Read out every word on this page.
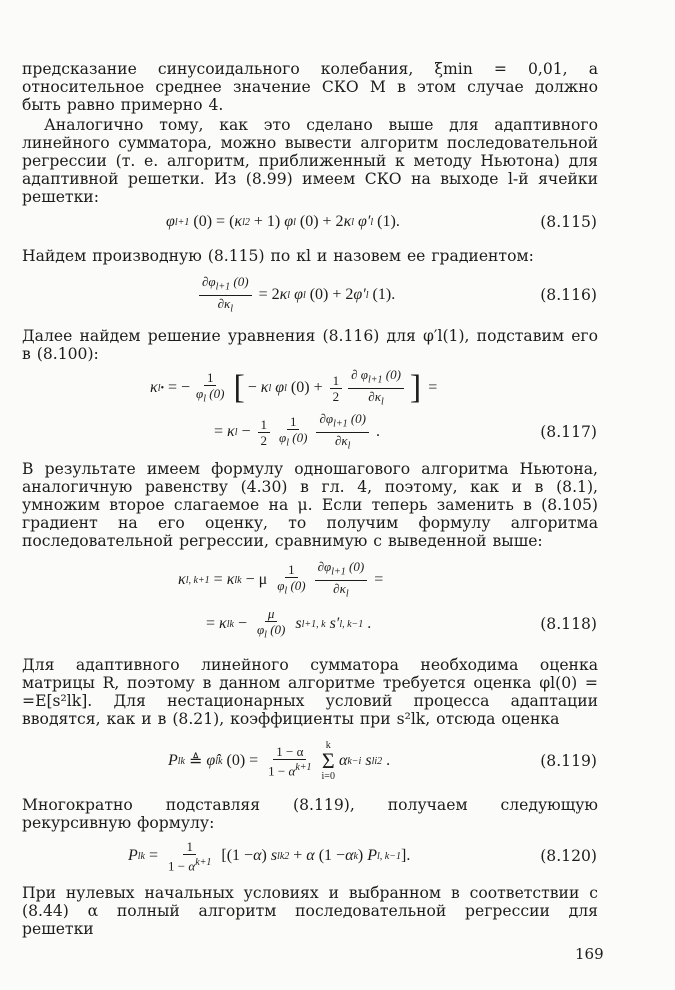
предсказание синусоидального колебания, ξmin = 0,01, а относительное среднее значение СКО M в этом случае должно быть равно примерно 4.
Аналогично тому, как это сделано выше для адаптивного линейного сумматора, можно вывести алгоритм последовательной регрессии (т. е. алгоритм, приближенный к методу Ньютона) для адаптивной решетки. Из (8.99) имеем СКО на выходе l-й ячейки решетки:
φ l+1 (0) = ( κ l 2 + 1) φ l (0) + 2 κ l φ′ l (1).	(8.115)
Найдем производную (8.115) по κl и назовем ее градиентом:
$\frac{\partial\varphi_{l+1} (0)}{\partial\kappa_l} = 2$ κ l φ l (0) + 2 φ′ l (1).	(8.116)
Далее найдем решение уравнения (8.116) для φ′l(1), подставим его в (8.100):
κ l • = − $\frac{1}{\varphi_l (0)}$ [ − κ l φ l $(0) + \frac{1}{2}$ ∂ $\varphi_{l+1}$ (0)
$\partial\kappa_l$ ] =
= κ $l - \frac{1}{2} 1$
$\varphi_l$ (0)
$\partial\varphi_{l+1}$ (0)
$\partial\kappa_l$
.	(8.117)
В результате имеем формулу одношагового алгоритма Ньютона, аналогичную равенству (4.30) в гл. 4, поэтому, как и в (8.1), умножим второе слагаемое на μ. Если теперь заменить в (8.105) градиент на его оценку, то получим формулу алгоритма последовательной регрессии, сравнимую с выведенной выше:
κ l, k+1 = κ lk − μ
1
$\varphi_l$ $(0) \frac{\partial\varphi_{l+1} (0)}{\partial\kappa_l}$ =
= κ lk − $\frac{\mu}{\varphi_l (0)}$ s l+1, k s′ l, k−1 .	(8.118)
Для адаптивного линейного сумматора необходима оценка матрицы R, поэтому в данном алгоритме требуется оценка φl(0) = =E[s²lk]. Для нестационарных условий процесса адаптации вводятся, как и в (8.21), коэффициенты при s²lk, отсюда оценка
P lk
≜ φ̂ lk $(0) = \frac{1 - \alpha}{1 - \alpha^{k+1}}$ k
Σ
i=0
α k−i s li 2 .	(8.119)
Многократно подставляя (8.119), получаем следующую рекурсивную формулу:
P lk = $\frac{1}{1 - \alpha^{k+1}} [(1 - \alpha$ ) s lk 2 + α (1 − α k ) P l, k−1 ].	(8.120)
При нулевых начальных условиях и выбранном в соответствии с (8.44) α полный алгоритм последовательной регрессии для решетки
169
